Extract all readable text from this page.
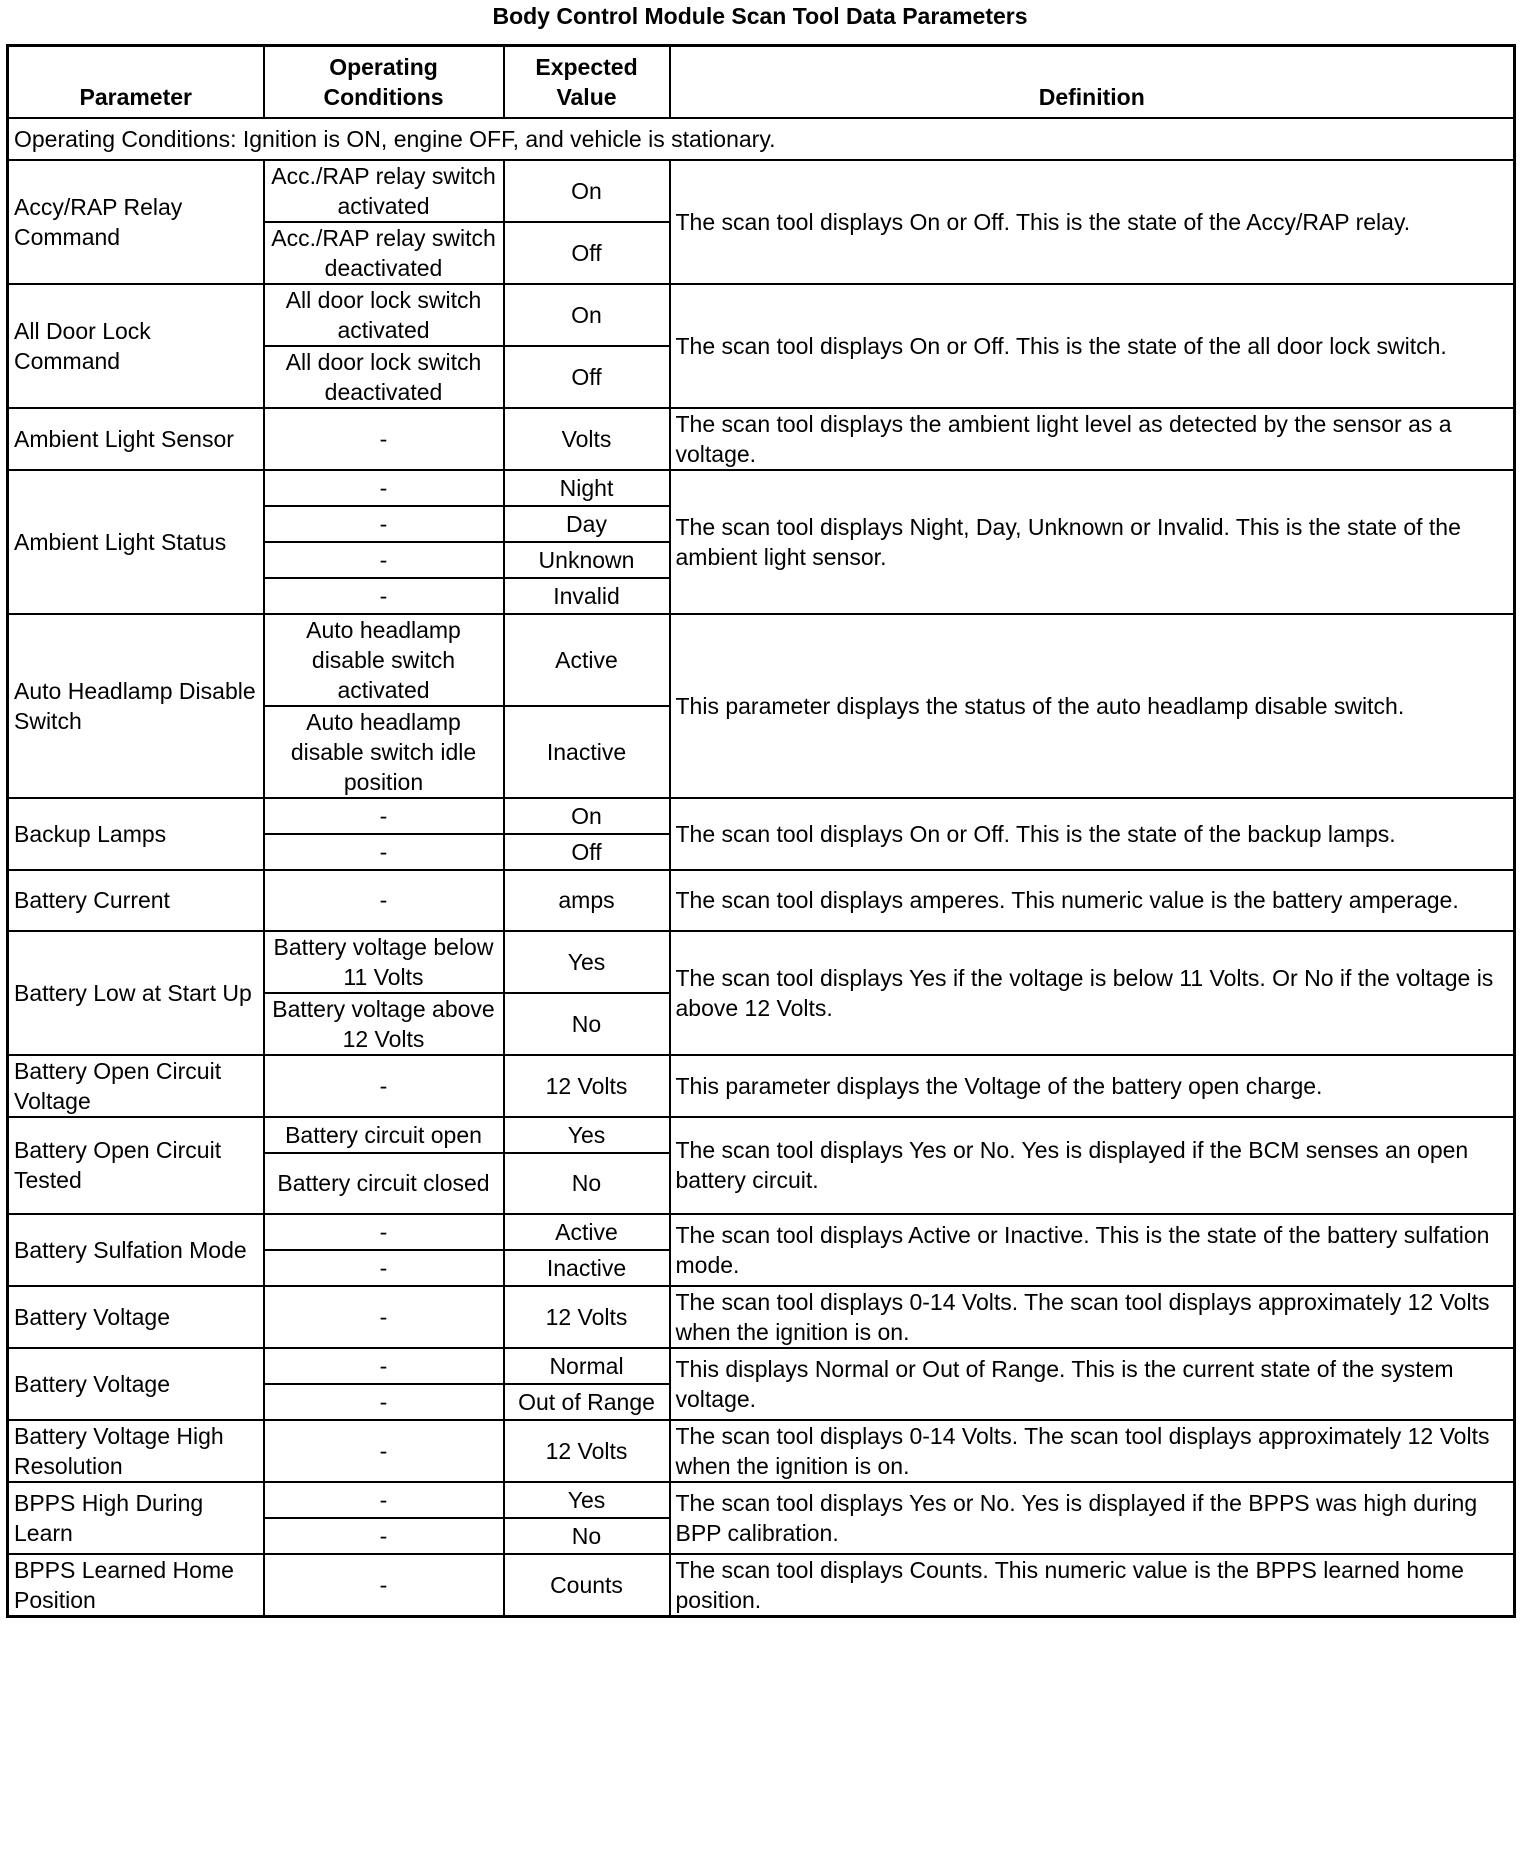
Body Control Module Scan Tool Data Parameters
Parameter	Operating Conditions	Expected Value	Definition
Operating Conditions: Ignition is ON, engine OFF, and vehicle is stationary.			
Accy/RAP Relay Command	Acc./RAP relay switch activated	On	The scan tool displays On or Off. This is the state of the Accy/RAP relay.
	Acc./RAP relay switch deactivated	Off	
All Door Lock Command	All door lock switch activated	On	The scan tool displays On or Off. This is the state of the all door lock switch.
	All door lock switch deactivated	Off	
Ambient Light Sensor	-	Volts	The scan tool displays the ambient light level as detected by the sensor as a voltage.
Ambient Light Status	-	Night	The scan tool displays Night, Day, Unknown or Invalid. This is the state of the ambient light sensor.
	-	Day	
	-	Unknown	
	-	Invalid	
Auto Headlamp Disable Switch	Auto headlamp disable switch activated	Active	This parameter displays the status of the auto headlamp disable switch.
	Auto headlamp disable switch idle position	Inactive	
Backup Lamps	-	On	The scan tool displays On or Off. This is the state of the backup lamps.
	-	Off	
Battery Current	-	amps	The scan tool displays amperes. This numeric value is the battery amperage.
Battery Low at Start Up	Battery voltage below 11 Volts	Yes	The scan tool displays Yes if the voltage is below 11 Volts. Or No if the voltage is above 12 Volts.
	Battery voltage above 12 Volts	No	
Battery Open Circuit Voltage	-	12 Volts	This parameter displays the Voltage of the battery open charge.
Battery Open Circuit Tested	Battery circuit open	Yes	The scan tool displays Yes or No. Yes is displayed if the BCM senses an open battery circuit.
	Battery circuit closed	No	
Battery Sulfation Mode	-	Active	The scan tool displays Active or Inactive. This is the state of the battery sulfation mode.
	-	Inactive	
Battery Voltage	-	12 Volts	The scan tool displays 0-14 Volts. The scan tool displays approximately 12 Volts when the ignition is on.
Battery Voltage	-	Normal	This displays Normal or Out of Range. This is the current state of the system voltage.
	-	Out of Range	
Battery Voltage High Resolution	-	12 Volts	The scan tool displays 0-14 Volts. The scan tool displays approximately 12 Volts when the ignition is on.
BPPS High During Learn	-	Yes	The scan tool displays Yes or No. Yes is displayed if the BPPS was high during BPP calibration.
	-	No	
BPPS Learned Home Position	-	Counts	The scan tool displays Counts. This numeric value is the BPPS learned home position.
